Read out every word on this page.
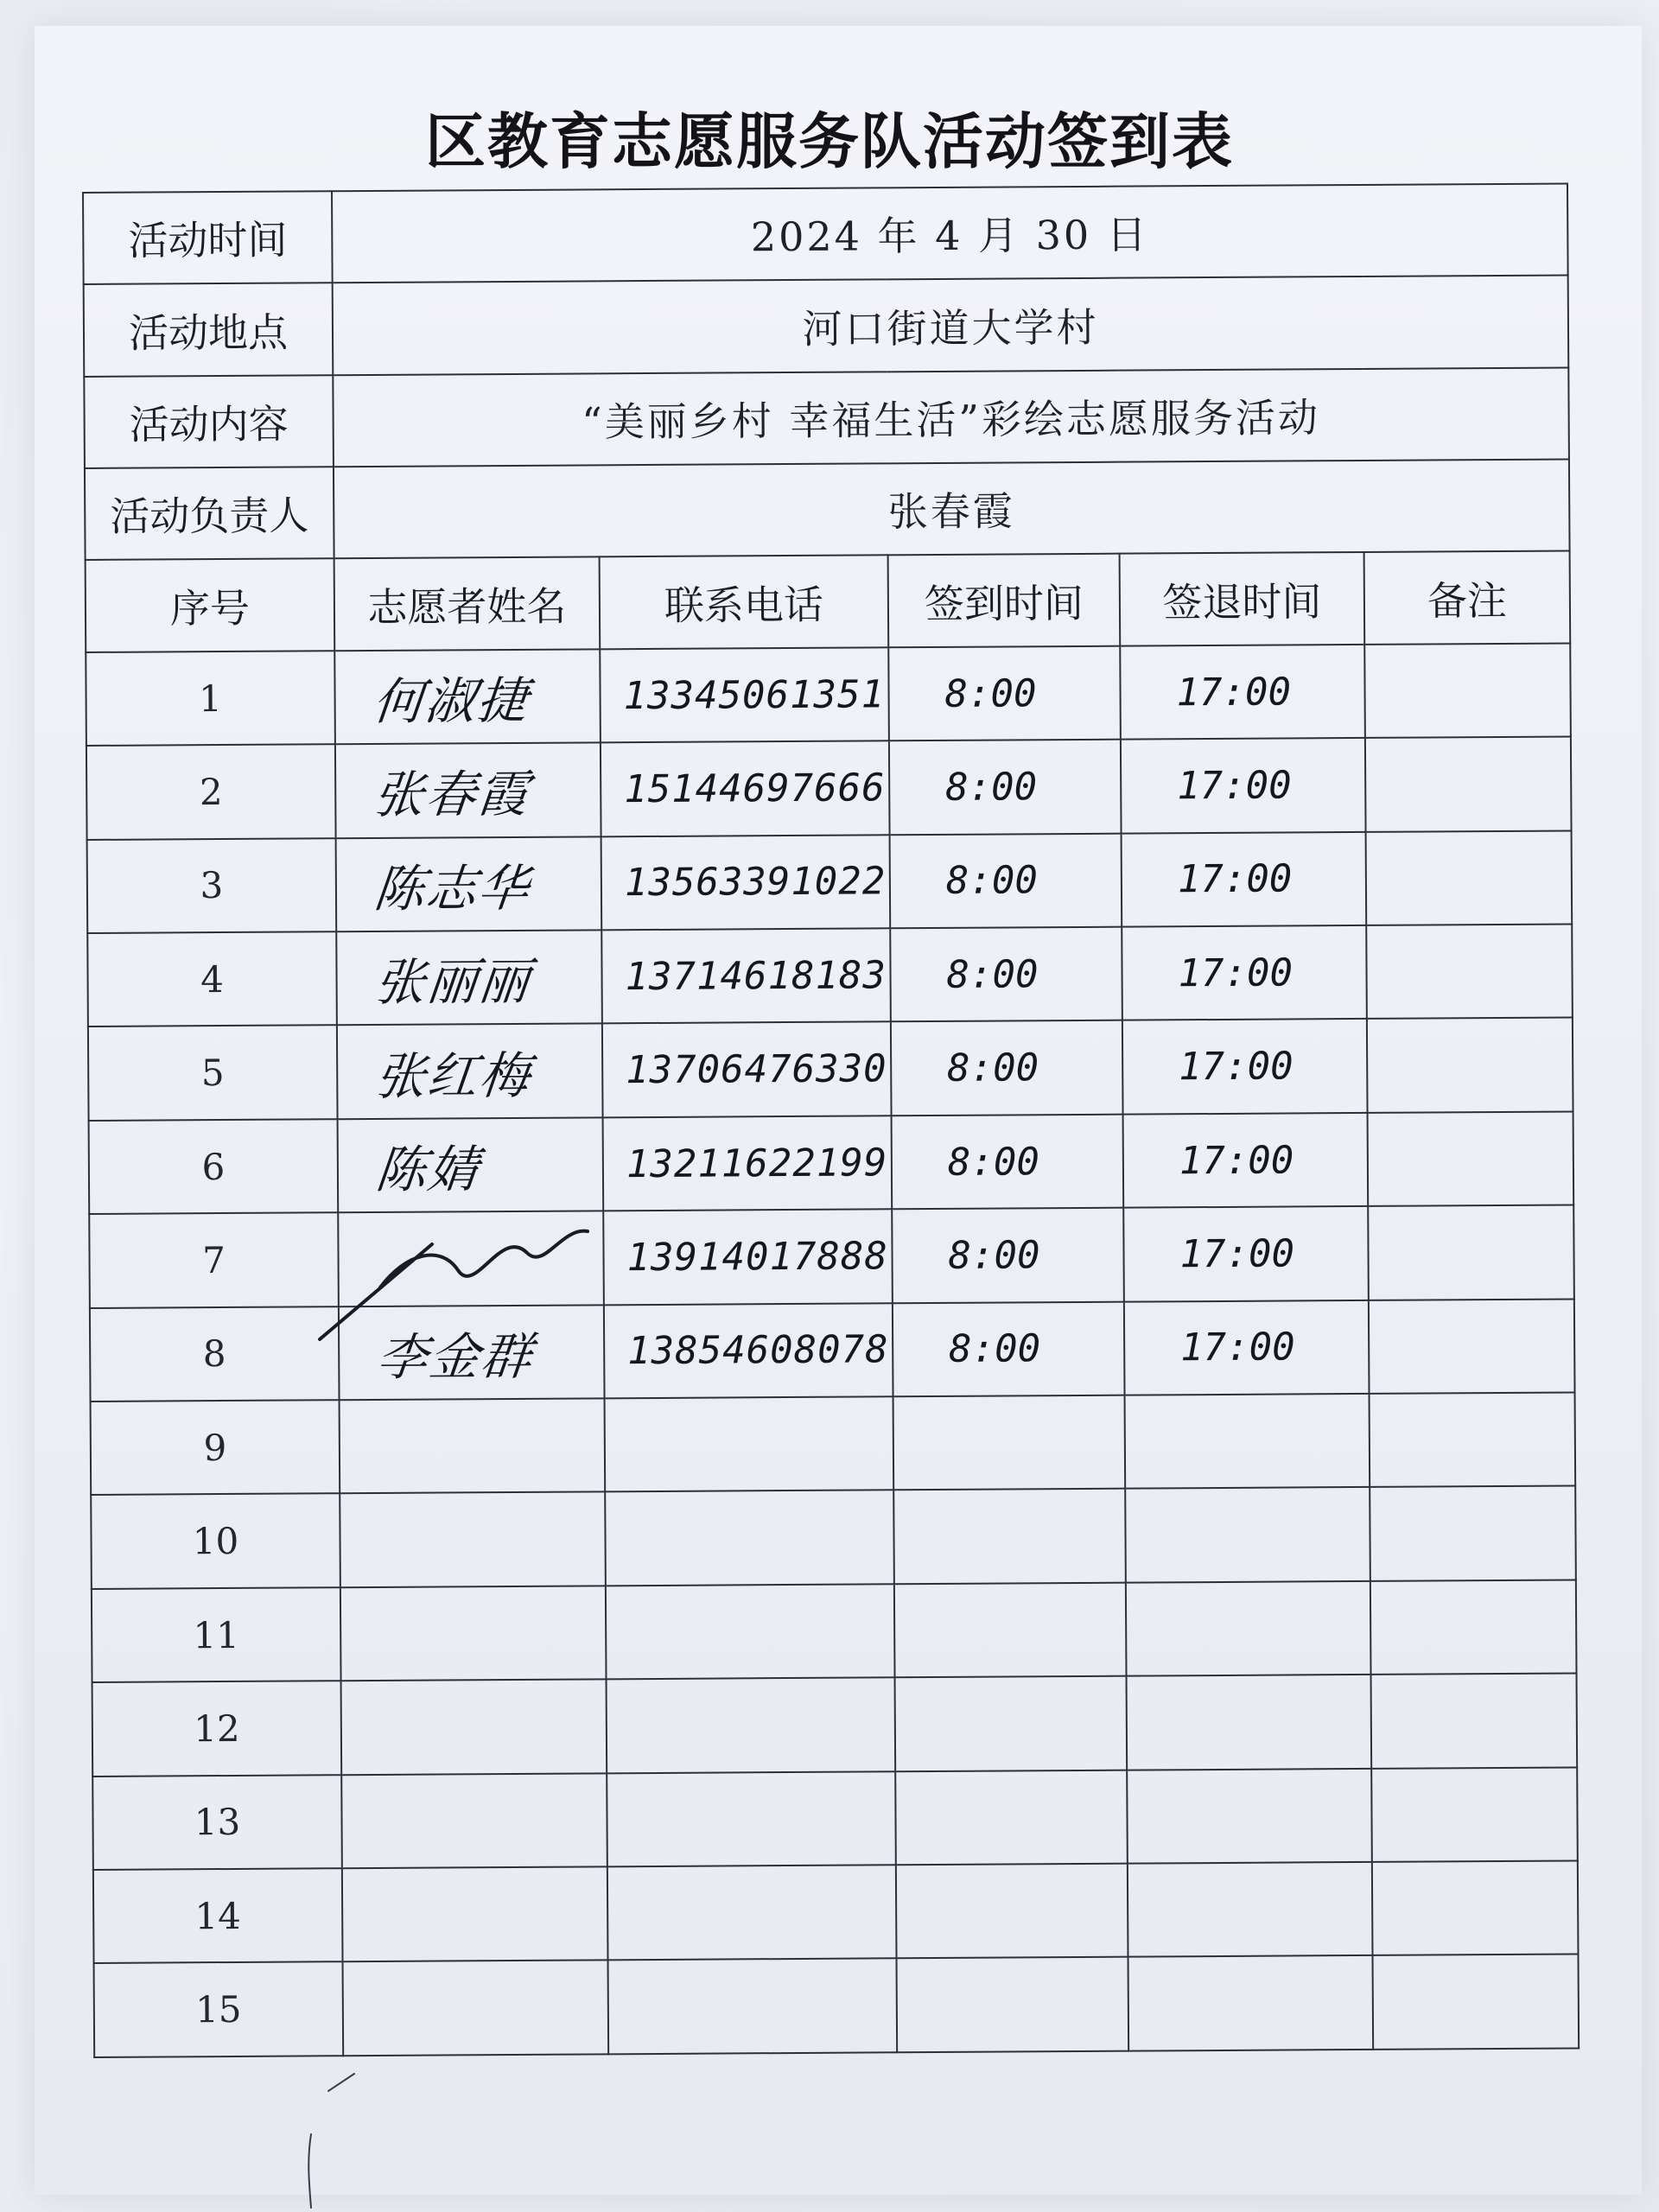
区教育志愿服务队活动签到表
活动时间	2024 年 4 月 30 日				
活动地点	河口街道大学村				
活动内容	“美丽乡村 幸福生活”彩绘志愿服务活动				
活动负责人	张春霞				
序号	志愿者姓名	联系电话	签到时间	签退时间	备注
1	何淑捷	13345061351	8:00	17:00	
2	张春霞	15144697666	8:00	17:00	
3	陈志华	13563391022	8:00	17:00	
4	张丽丽	13714618183	8:00	17:00	
5	张红梅	13706476330	8:00	17:00	
6	陈婧	13211622199	8:00	17:00	
7		13914017888	8:00	17:00	
8	李金群	13854608078	8:00	17:00	
9					
10					
11					
12					
13					
14					
15					
